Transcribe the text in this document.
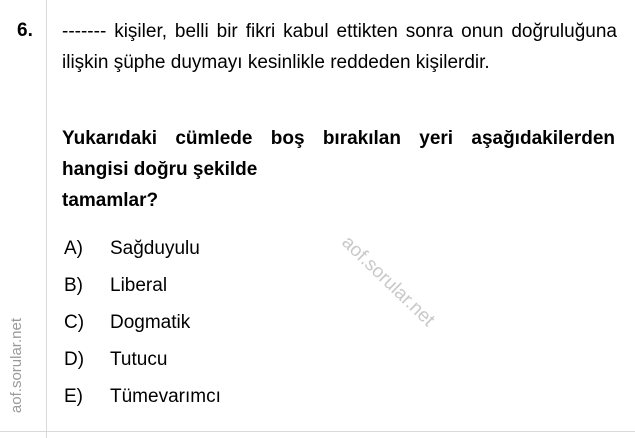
6. ------- kişiler, belli bir fikri kabul ettikten sonra onun doğruluğuna ilişkin şüphe duymayı kesinlikle reddeden kişilerdir.
Yukarıdaki cümlede boş bırakılan yeri aşağıdakilerden hangisi doğru şekilde
tamamlar?
A)	Sağduyulu
B)	Liberal
C)	Dogmatik
D)	Tutucu
E)	Tümevarımcı
aof.sorular.net
aof.sorular.net
